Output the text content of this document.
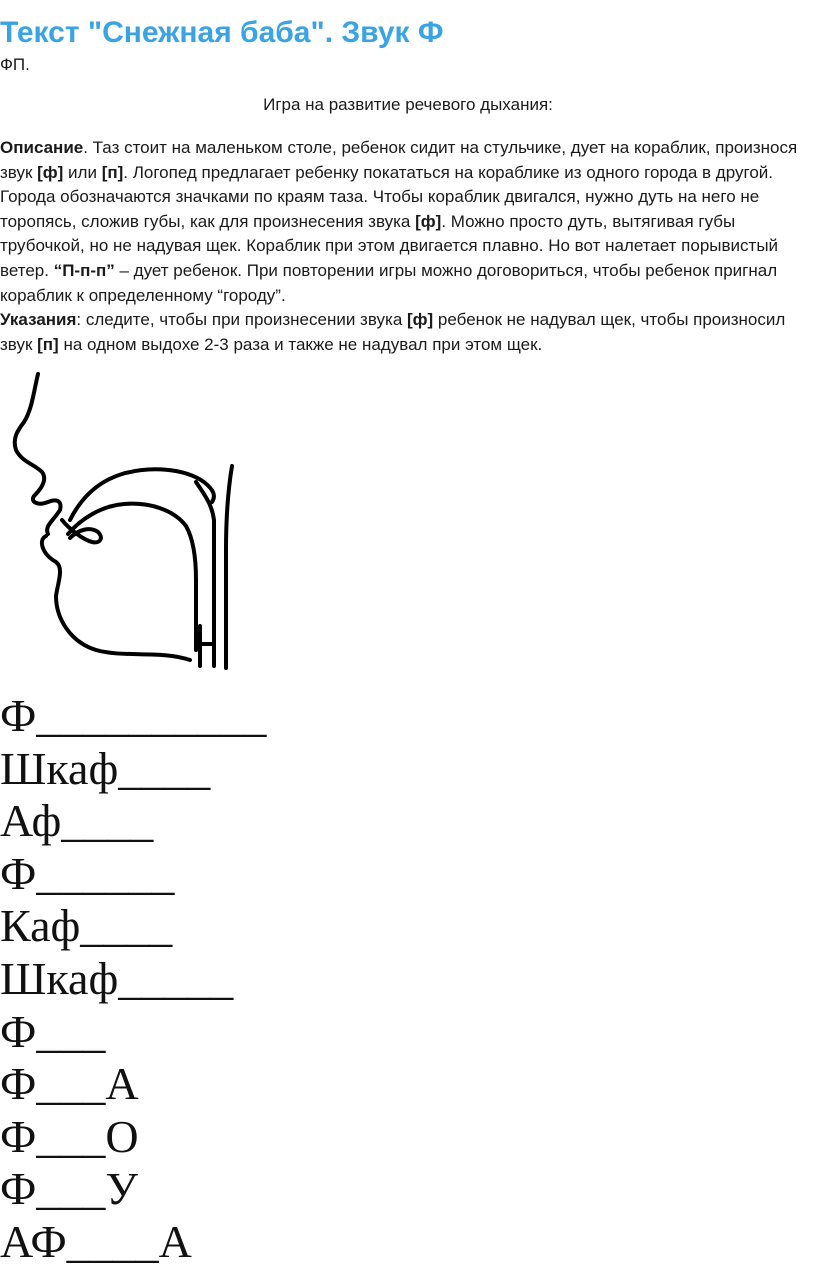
Текст "Снежная баба". Звук Ф
ФП.
Игра на развитие речевого дыхания:

Описание. Таз стоит на маленьком столе, ребенок сидит на стульчике, дует на кораблик, произнося звук [ф] или [п]. Логопед предлагает ребенку покататься на кораблике из одного города в другой. Города обозначаются значками по краям таза. Чтобы кораблик двигался, нужно дуть на него не торопясь, сложив губы, как для произнесения звука [ф]. Можно просто дуть, вытягивая губы трубочкой, но не надувая щек. Кораблик при этом двигается плавно. Но вот налетает порывистый ветер. “П-п-п” – дует ребенок. При повторении игры можно договориться, чтобы ребенок пригнал кораблик к определенному “городу”.

Указания: следите, чтобы при произнесении звука [ф] ребенок не надувал щек, чтобы произносил звук [п] на одном выдохе 2-3 раза и также не надувал при этом щек.

Ф__________
Шкаф____
Аф____
Ф______
Каф____
Шкаф_____
Ф___
Ф___А
Ф___О
Ф___У
АФ____А
